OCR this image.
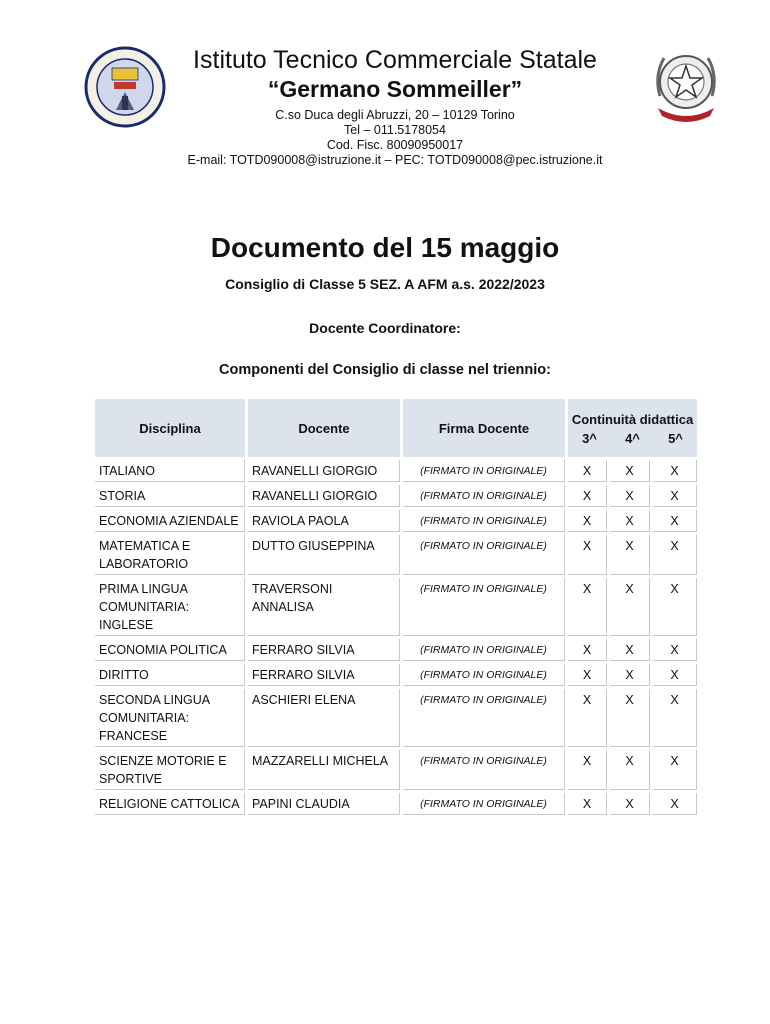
Istituto Tecnico Commerciale Statale
“Germano Sommeiller”
C.so Duca degli Abruzzi, 20 – 10129 Torino
Tel – 011.5178054
Cod. Fisc. 80090950017
E-mail: TOTD090008@istruzione.it – PEC: TOTD090008@pec.istruzione.it
Documento del 15 maggio
Consiglio di Classe 5 SEZ. A AFM a.s. 2022/2023
Docente Coordinatore:
Componenti del Consiglio di classe nel triennio:
Disciplina	Docente	Firma Docente	Continuità didattica
3^ 4^ 5^		

ITALIANO	RAVANELLI GIORGIO	(FIRMATO IN ORIGINALE)	X	X	X
STORIA	RAVANELLI GIORGIO	(FIRMATO IN ORIGINALE)	X	X	X
ECONOMIA AZIENDALE	RAVIOLA PAOLA	(FIRMATO IN ORIGINALE)	X	X	X
MATEMATICA E LABORATORIO	DUTTO GIUSEPPINA	(FIRMATO IN ORIGINALE)	X	X	X
PRIMA LINGUA COMUNITARIA: INGLESE	TRAVERSONI ANNALISA	(FIRMATO IN ORIGINALE)	X	X	X
ECONOMIA POLITICA	FERRARO SILVIA	(FIRMATO IN ORIGINALE)	X	X	X
DIRITTO	FERRARO SILVIA	(FIRMATO IN ORIGINALE)	X	X	X
SECONDA LINGUA COMUNITARIA: FRANCESE	ASCHIERI ELENA	(FIRMATO IN ORIGINALE)	X	X	X
SCIENZE MOTORIE E SPORTIVE	MAZZARELLI MICHELA	(FIRMATO IN ORIGINALE)	X	X	X
RELIGIONE CATTOLICA	PAPINI CLAUDIA	(FIRMATO IN ORIGINALE)	X	X	X
